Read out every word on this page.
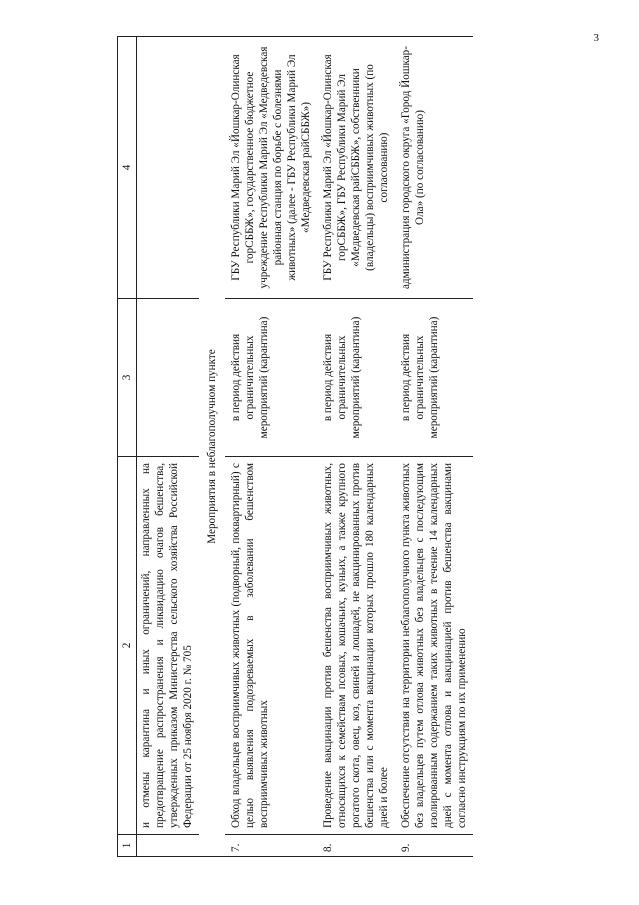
3
1	2	3	4
	и отмены карантина и иных ограничений, направленных на предотвращение распространения и ликвидацию очагов бешенства, утвержденных приказом Министерства сельского хозяйства Российской Федерации от 25 ноября 2020 г. № 705		
Мероприятия в неблагополучном пункте			
7.	Обход владельцев восприимчивых животных (подворный, поквартирный) с целью выявления подозреваемых в заболевании бешенством восприимчивых животных	в период действия ограничительных мероприятий (карантина)	ГБУ Республики Марий Эл «Йошкар-Олинская горСББЖ», государственное бюджетное учреждение Республики Марий Эл «Медведевская районная станция по борьбе с болезнями животных» (далее - ГБУ Республики Марий Эл «Медведевская райСББЖ»)
8.	Проведение вакцинации против бешенства восприимчивых животных, относящихся к семействам псовых, кошачьих, куньих, а также крупного рогатого скота, овец, коз, свиней и лошадей, не вакцинированных против бешенства или с момента вакцинации которых прошло 180 календарных дней и более	в период действия ограничительных мероприятий (карантина)	ГБУ Республики Марий Эл «Йошкар-Олинская горСББЖ», ГБУ Республики Марий Эл «Медведевская райСББЖ», собственники (владельцы) восприимчивых животных (по согласованию)
9.	Обеспечение отсутствия на территории неблагополучного пункта животных без владельцев путем отлова животных без владельцев с последующим изолированным содержанием таких животных в течение 14 календарных дней с момента отлова и вакцинацией против бешенства вакцинами согласно инструкциям по их применению	в период действия ограничительных мероприятий (карантина)	администрация городского округа «Город Йошкар-Ола» (по согласованию)
